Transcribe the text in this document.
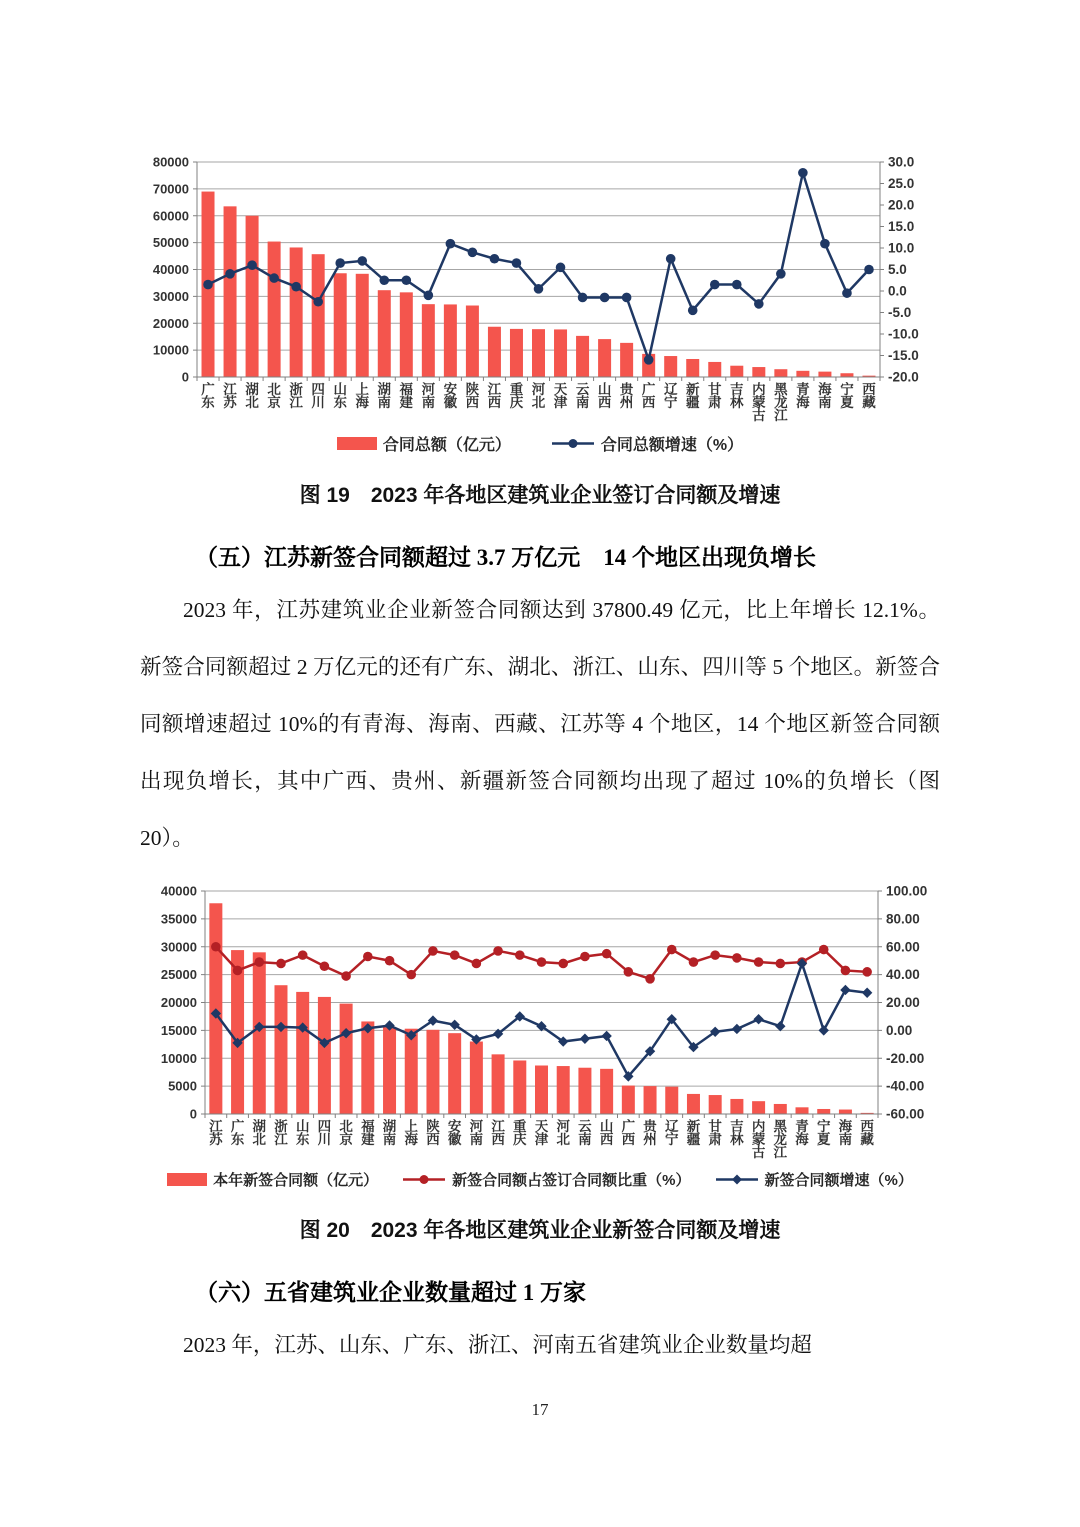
0
10000
20000
30000
40000
50000
60000
70000
80000	30.0
25.0
20.0
15.0
10.0
5.0
0.0
-5.0
-10.0
-15.0
-20.0
广东
江苏
湖北
北京
浙江
四川
山东
上海
湖南
福建
河南
安徽
陕西
江西
重庆
河北
天津
云南
山西
贵州
广西
辽宁
新疆
甘肃
吉林
内蒙古
黑龙江
青海
海南
宁夏
西藏
合同总额（亿元）	合同总额增速（%）
图 19　2023 年各地区建筑业企业签订合同额及增速
（五）江苏新签合同额超过 3.7 万亿元　14 个地区出现负增长

2023 年，江苏建筑业企业新签合同额达到 37800.49 亿元，比上年增长 12.1%。新签合同额超过 2 万亿元的还有广东、湖北、浙江、山东、四川等 5 个地区。新签合同额增速超过 10%的有青海、海南、西藏、江苏等 4 个地区，14 个地区新签合同额出现负增长，其中广西、贵州、新疆新签合同额均出现了超过 10%的负增长（图 20）。

0
5000
10000
15000
20000
25000
30000
35000
40000	100.00
80.00
60.00
40.00
20.00
0.00
-20.00
-40.00
-60.00
江苏
广东
湖北
浙江
山东
四川
北京
福建
湖南
上海
陕西
安徽
河南
江西
重庆
天津
河北
云南
山西
广西
贵州
辽宁
新疆
甘肃
吉林
内蒙古
黑龙江
青海
宁夏
海南
西藏
本年新签合同额（亿元）	新签合同额占签订合同额比重（%）	新签合同额增速（%）
图 20　2023 年各地区建筑业企业新签合同额及增速
（六）五省建筑业企业数量超过 1 万家

2023 年，江苏、山东、广东、浙江、河南五省建筑业企业数量均超

17
